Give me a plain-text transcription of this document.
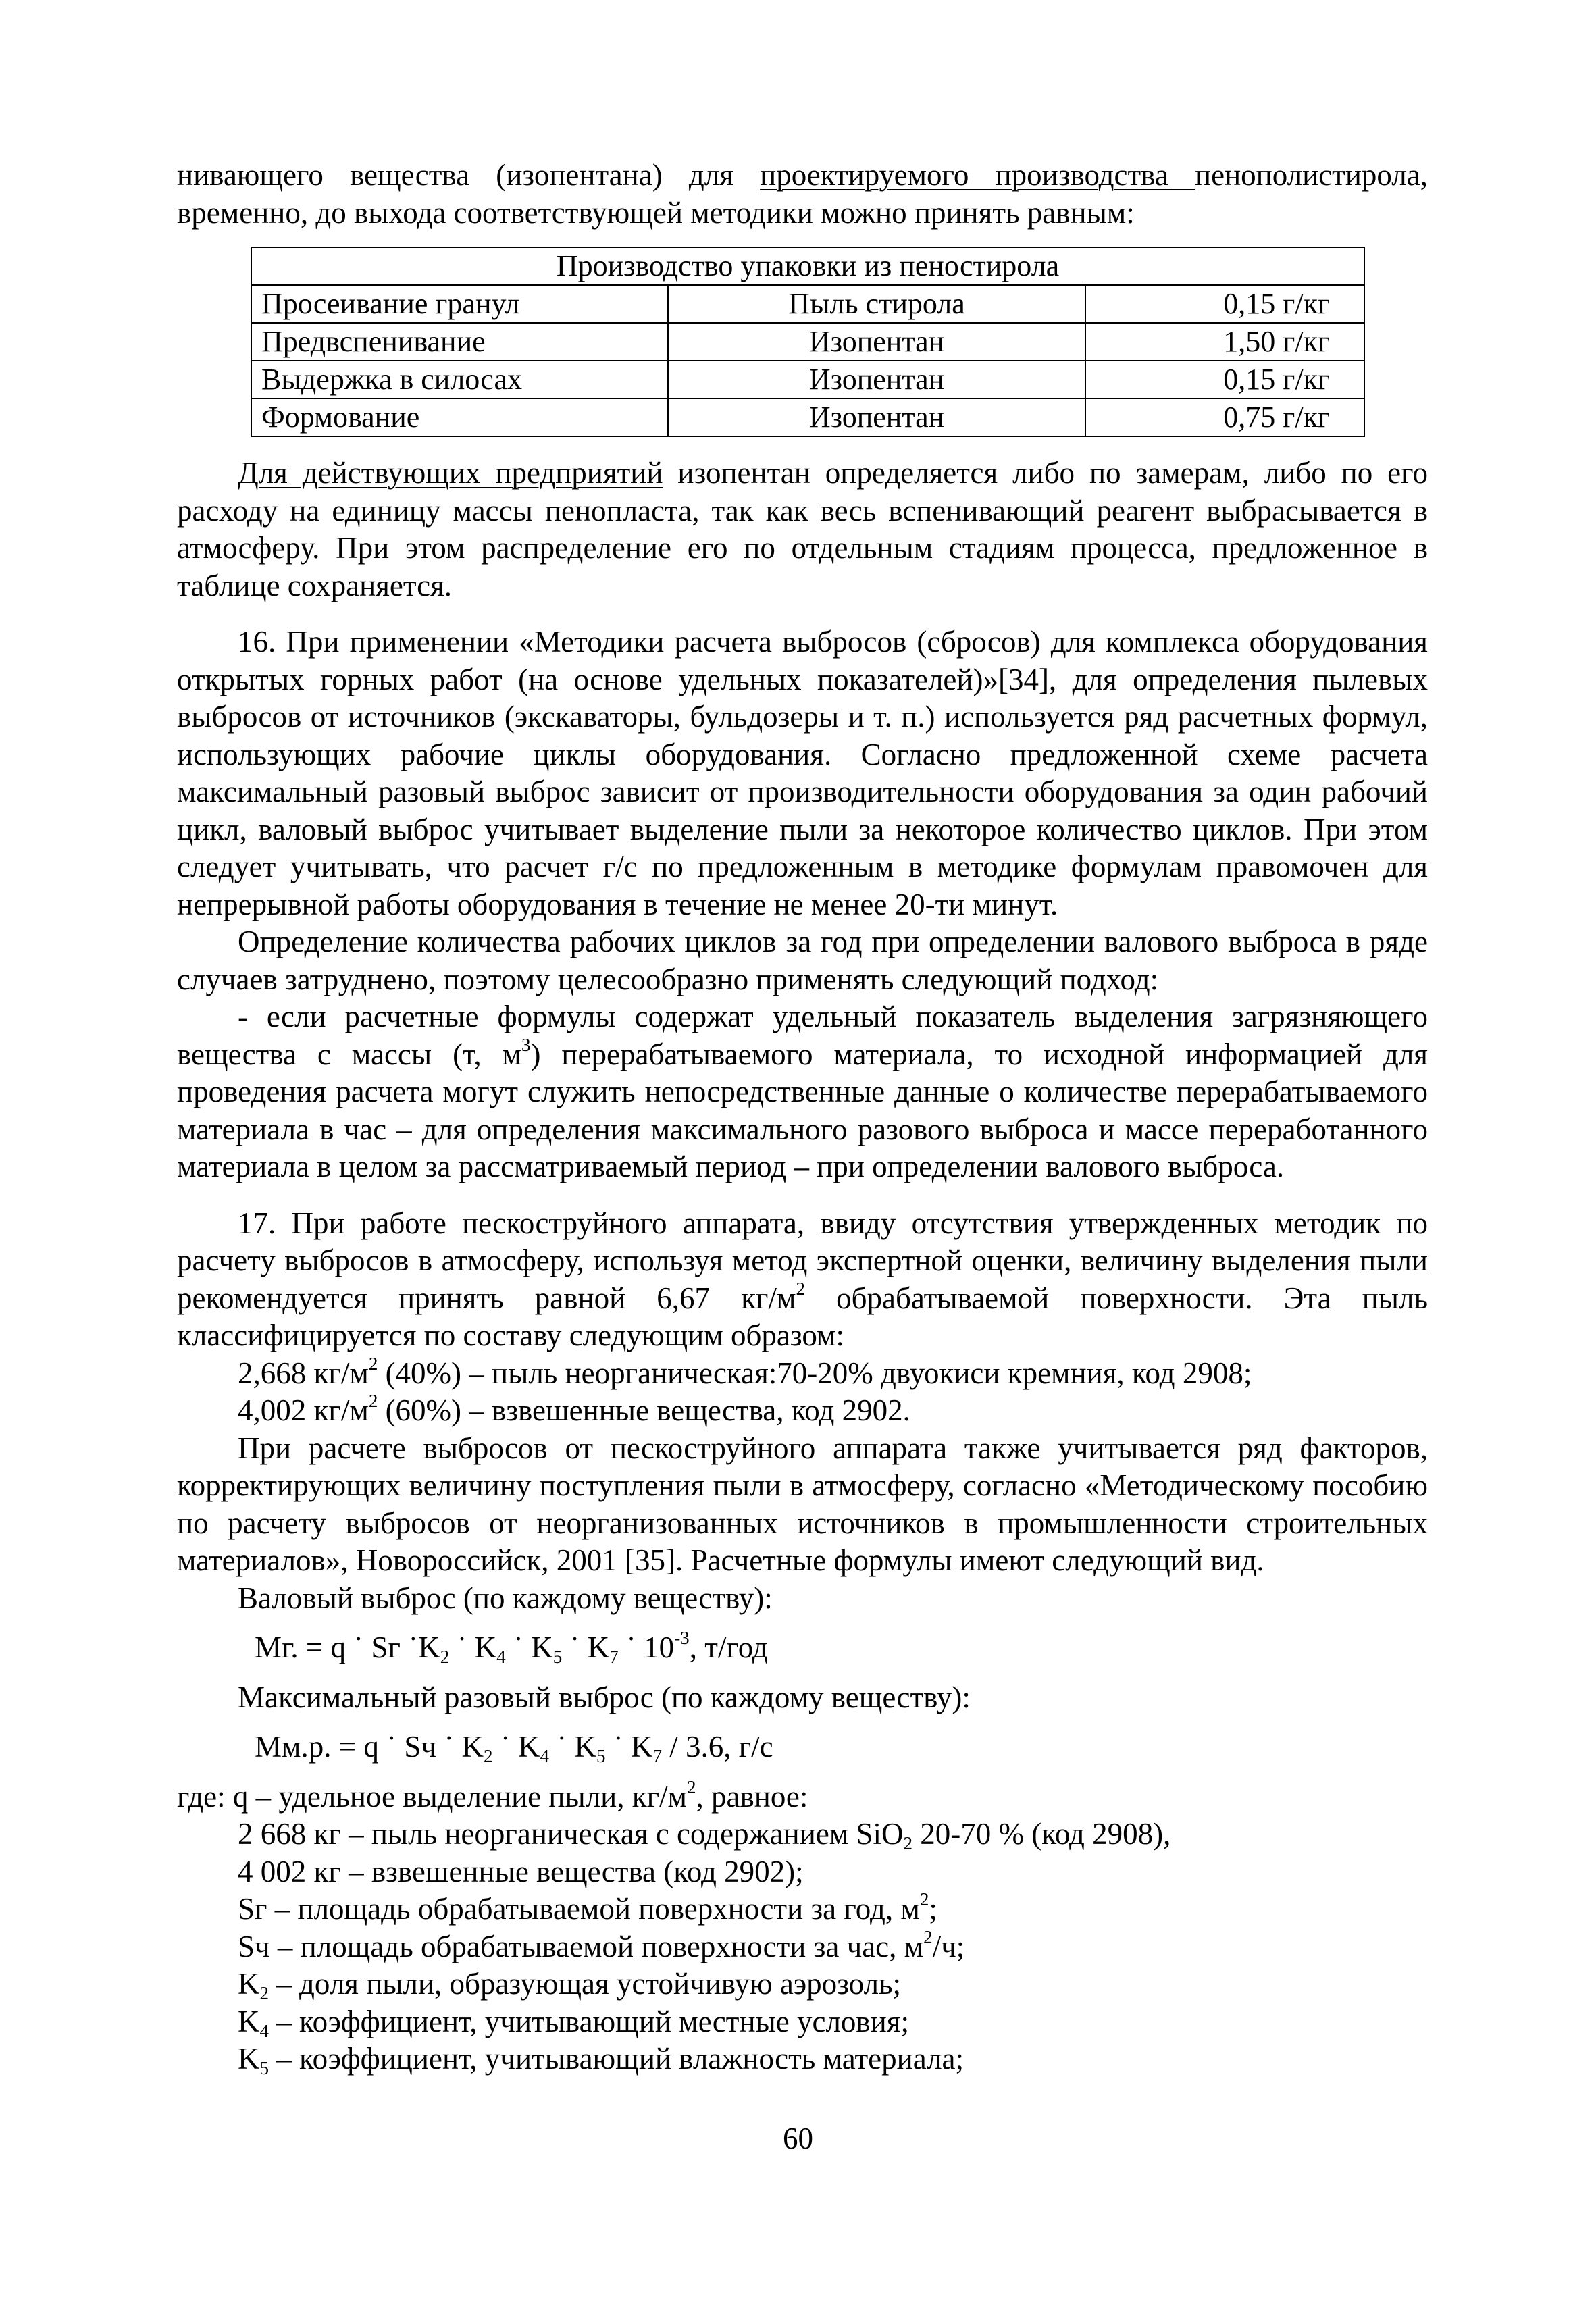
нивающего вещества (изопентана) для проектируемого производства пенополистирола, временно, до выхода соответствующей методики можно принять равным:

Производство упаковки из пеностирола		
Просеивание гранул	Пыль стирола	0,15 г/кг
Предвспенивание	Изопентан	1,50 г/кг
Выдержка в силосах	Изопентан	0,15 г/кг
Формование	Изопентан	0,75 г/кг

Для действующих предприятий изопентан определяется либо по замерам, либо по его расходу на единицу массы пенопласта, так как весь вспенивающий реагент выбрасывается в атмосферу. При этом распределение его по отдельным стадиям процесса, предложенное в таблице сохраняется.

16. При применении «Методики расчета выбросов (сбросов) для комплекса оборудования открытых горных работ (на основе удельных показателей)»[34], для определения пылевых выбросов от источников (экскаваторы, бульдозеры и т. п.) используется ряд расчетных формул, использующих рабочие циклы оборудования. Согласно предложенной схеме расчета максимальный разовый выброс зависит от производительности оборудования за один рабочий цикл, валовый выброс учитывает выделение пыли за некоторое количество циклов. При этом следует учитывать, что расчет г/с по предложенным в методике формулам правомочен для непрерывной работы оборудования в течение не менее 20-ти минут.

Определение количества рабочих циклов за год при определении валового выброса в ряде случаев затруднено, поэтому целесообразно применять следующий подход:

- если расчетные формулы содержат удельный показатель выделения загрязняющего вещества с массы (т, $м^3$) перерабатываемого материала, то исходной информацией для проведения расчета могут служить непосредственные данные о количестве перерабатываемого материала в час – для определения максимального разового выброса и массе переработанного материала в целом за рассматриваемый период – при определении валового выброса.

17. При работе пескоструйного аппарата, ввиду отсутствия утвержденных методик по расчету выбросов в атмосферу, используя метод экспертной оценки, величину выделения пыли рекомендуется принять равной 6,67 $кг/м^2$ обрабатываемой поверхности. Эта пыль классифицируется по составу следующим образом:

2,668 $кг/м^2$ (40%) – пыль неорганическая:70-20% двуокиси кремния, код 2908;

4,002 $кг/м^2$ (60%) – взвешенные вещества, код 2902.

При расчете выбросов от пескоструйного аппарата также учитывается ряд факторов, корректирующих величину поступления пыли в атмосферу, согласно «Методическому пособию по расчету выбросов от неорганизованных источников в промышленности строительных материалов», Новороссийск, 2001 [35]. Расчетные формулы имеют следующий вид.

Валовый выброс (по каждому веществу):

Мг. = q ˙ Sг $˙K_2$ ˙ $K_4$ ˙ $K_5$ ˙ $K_7$ ˙ $10^{-3}$, т/год

Максимальный разовый выброс (по каждому веществу):

Мм.р. = q ˙ Sч ˙ $K_2$ ˙ $K_4$ ˙ $K_5$ ˙ $K_7 / 3.6$, г/с

где: q – удельное выделение пыли, $кг/м^2$, равное:

2 668 кг – пыль неорганическая с содержанием SiO$_2$ 20-70 % (код 2908),

4 002 кг – взвешенные вещества (код 2902);

Sг – площадь обрабатываемой поверхности за год, $м^2$;

Sч – площадь обрабатываемой поверхности за час, $м^2/ч$;

$K_2$ – доля пыли, образующая устойчивую аэрозоль;

$K_4$ – коэффициент, учитывающий местные условия;

$K_5$ – коэффициент, учитывающий влажность материала;

60
